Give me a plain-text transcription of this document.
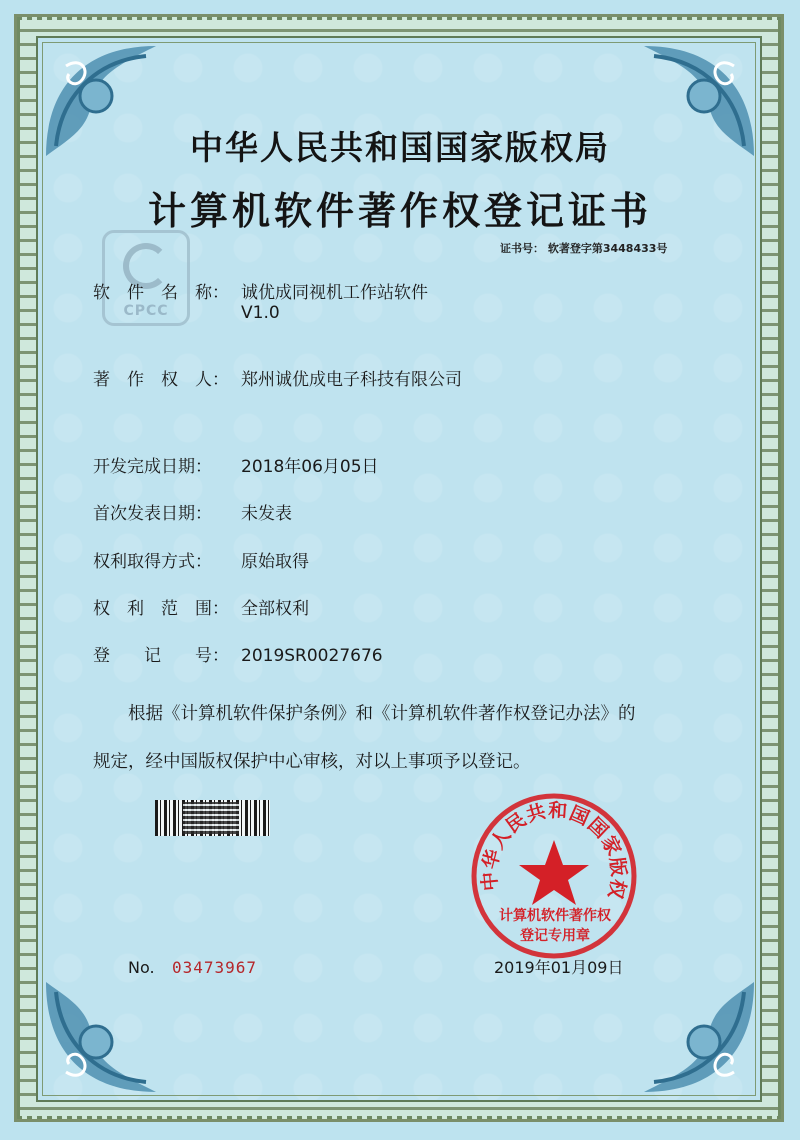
CPCC
中华人民共和国国家版权局
计算机软件著作权登记证书
证书号： 软著登字第3448433号
软　件　名　称： 诚优成同视机工作站软件
V1.0
著　作　权　人： 郑州诚优成电子科技有限公司
开发完成日期： 2018年06月05日
首次发表日期： 未发表
权利取得方式： 原始取得
权　利　范　围： 全部权利
登　　记　　号： 2019SR0027676
根据《计算机软件保护条例》和《计算机软件著作权登记办法》的
规定，经中国版权保护中心审核，对以上事项予以登记。
中华人民共和国国家版权
计算机软件著作权
登记专用章
No. 03473967	2019年01月09日
